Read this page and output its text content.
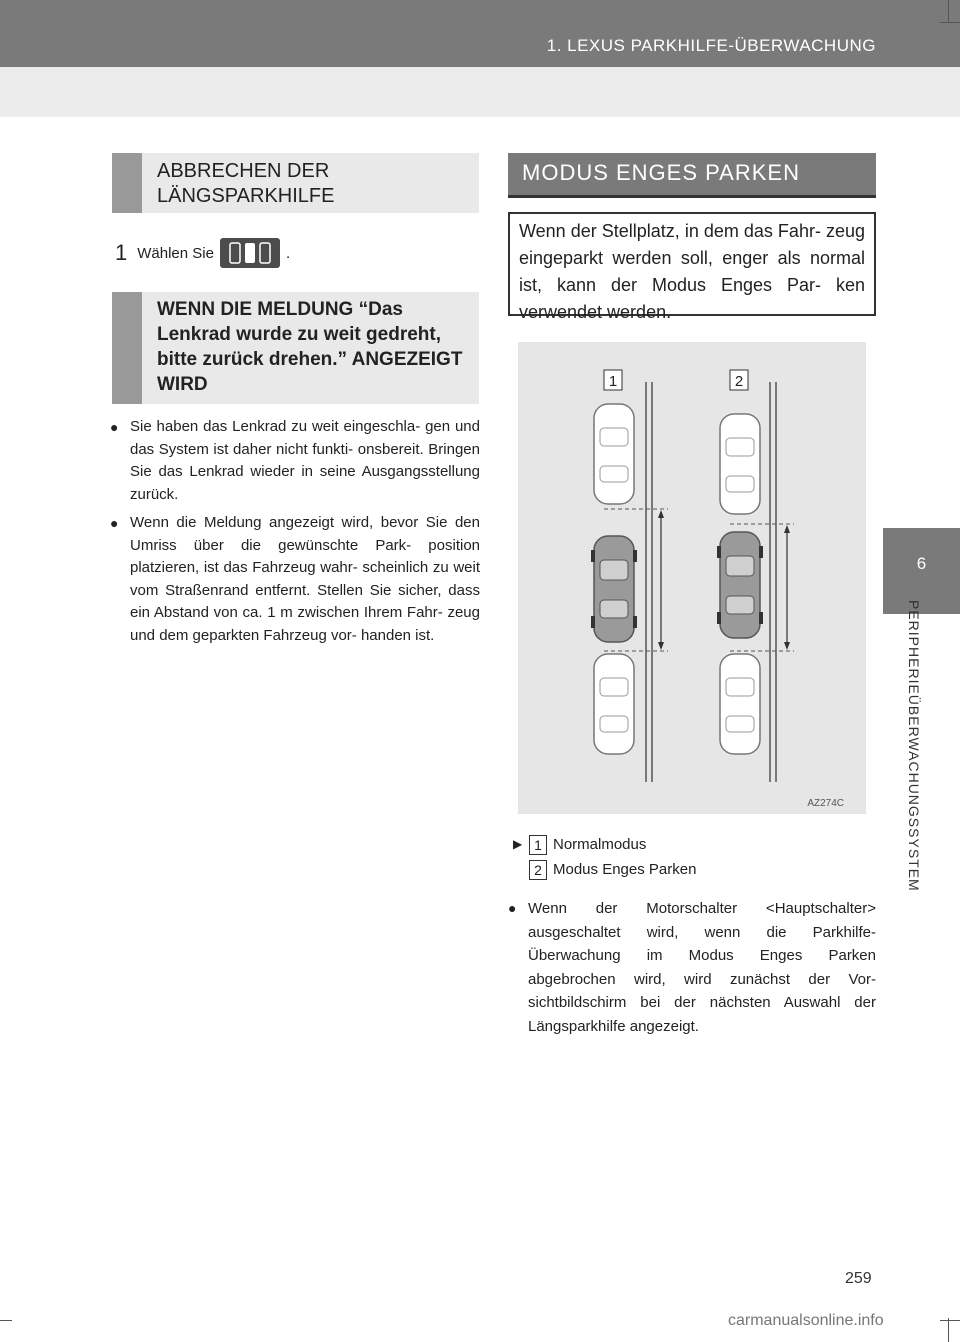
1. LEXUS PARKHILFE-ÜBERWACHUNG
6
PERIPHERIEÜBERWACHUNGSSYSTEM
ABBRECHEN DER LÄNGSPARKHILFE
1 Wählen Sie	.
WENN DIE MELDUNG “Das Lenkrad wurde zu weit gedreht, bitte zurück drehen.” ANGEZEIGT WIRD
● Sie haben das Lenkrad zu weit eingeschla- gen und das System ist daher nicht funkti- onsbereit. Bringen Sie das Lenkrad wieder in seine Ausgangsstellung zurück.
● Wenn die Meldung angezeigt wird, bevor Sie den Umriss über die gewünschte Park- position platzieren, ist das Fahrzeug wahr- scheinlich zu weit vom Straßenrand entfernt. Stellen Sie sicher, dass ein Abstand von ca. 1 m zwischen Ihrem Fahr- zeug und dem geparkten Fahrzeug vor- handen ist.
MODUS ENGES PARKEN
Wenn der Stellplatz, in dem das Fahr- zeug eingeparkt werden soll, enger als normal ist, kann der Modus Enges Par- ken verwendet werden.
1	2
AZ274C
▶ 1 Normalmodus
2 Modus Enges Parken
● Wenn der Motorschalter <Hauptschalter> ausgeschaltet wird, wenn die Parkhilfe- Überwachung im Modus Enges Parken abgebrochen wird, wird zunächst der Vor- sichtbildschirm bei der nächsten Auswahl der Längsparkhilfe angezeigt.
259
carmanualsonline.info
